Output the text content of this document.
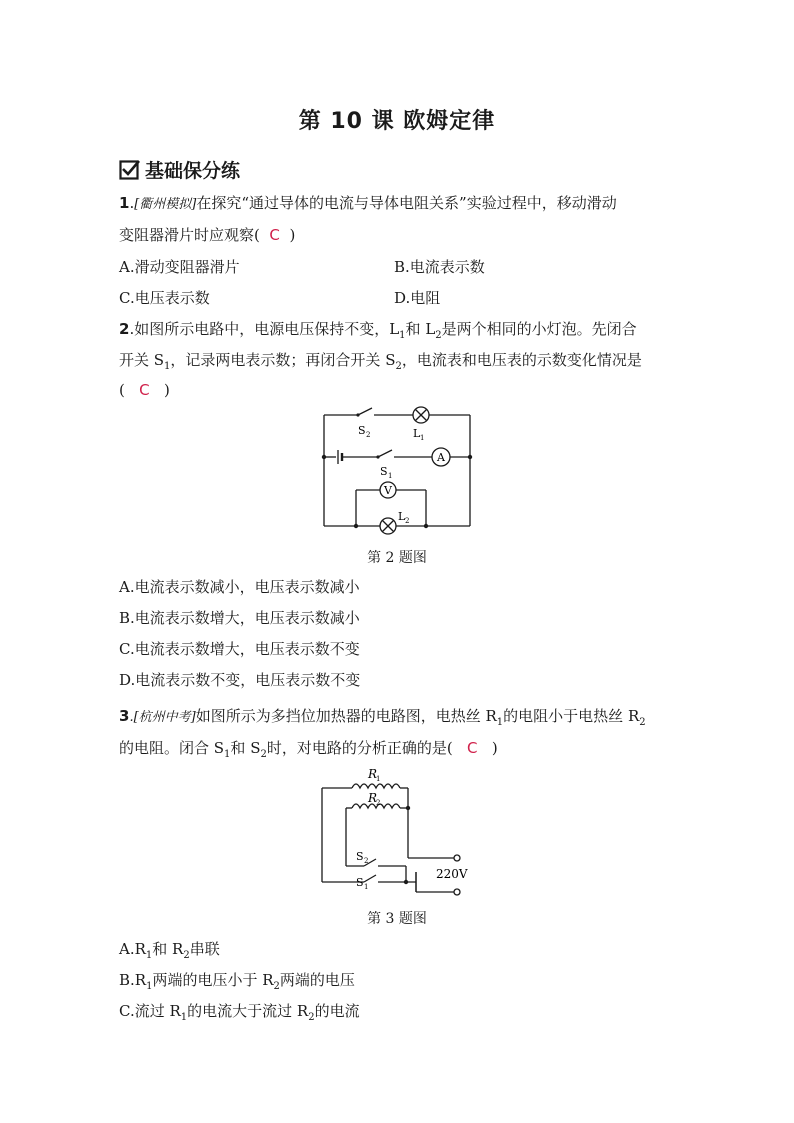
第 10 课 欧姆定律
基础保分练
1.[衢州模拟]在探究“通过导体的电流与导体电阻关系”实验过程中，移动滑动
变阻器滑片时应观察( C )
A.滑动变阻器滑片	B.电流表示数
C.电压表示数	D.电阻
2.如图所示电路中，电源电压保持不变，$L_1$和 $L_2$是两个相同的小灯泡。先闭合
开关 $S_1$，记录两电表示数；再闭合开关 $S_2$，电流表和电压表的示数变化情况是
( C )
S 2	L 1
S 1
A
V
L 2
第 2 题图
A.电流表示数减小，电压表示数减小
B.电流表示数增大，电压表示数减小
C.电流表示数增大，电压表示数不变
D.电流表示数不变，电压表示数不变
3.[杭州中考]如图所示为多挡位加热器的电路图，电热丝 $R_1$的电阻小于电热丝 $R_2$
的电阻。闭合 $S_1$和 $S_2$时，对电路的分析正确的是( C )
R
1
R
2
S 2
S 1
220V
第 3 题图
$A.R_1$和 $R_2$串联
$B.R_1$两端的电压小于 $R_2$两端的电压
C.流过 $R_1$的电流大于流过 $R_2$的电流
